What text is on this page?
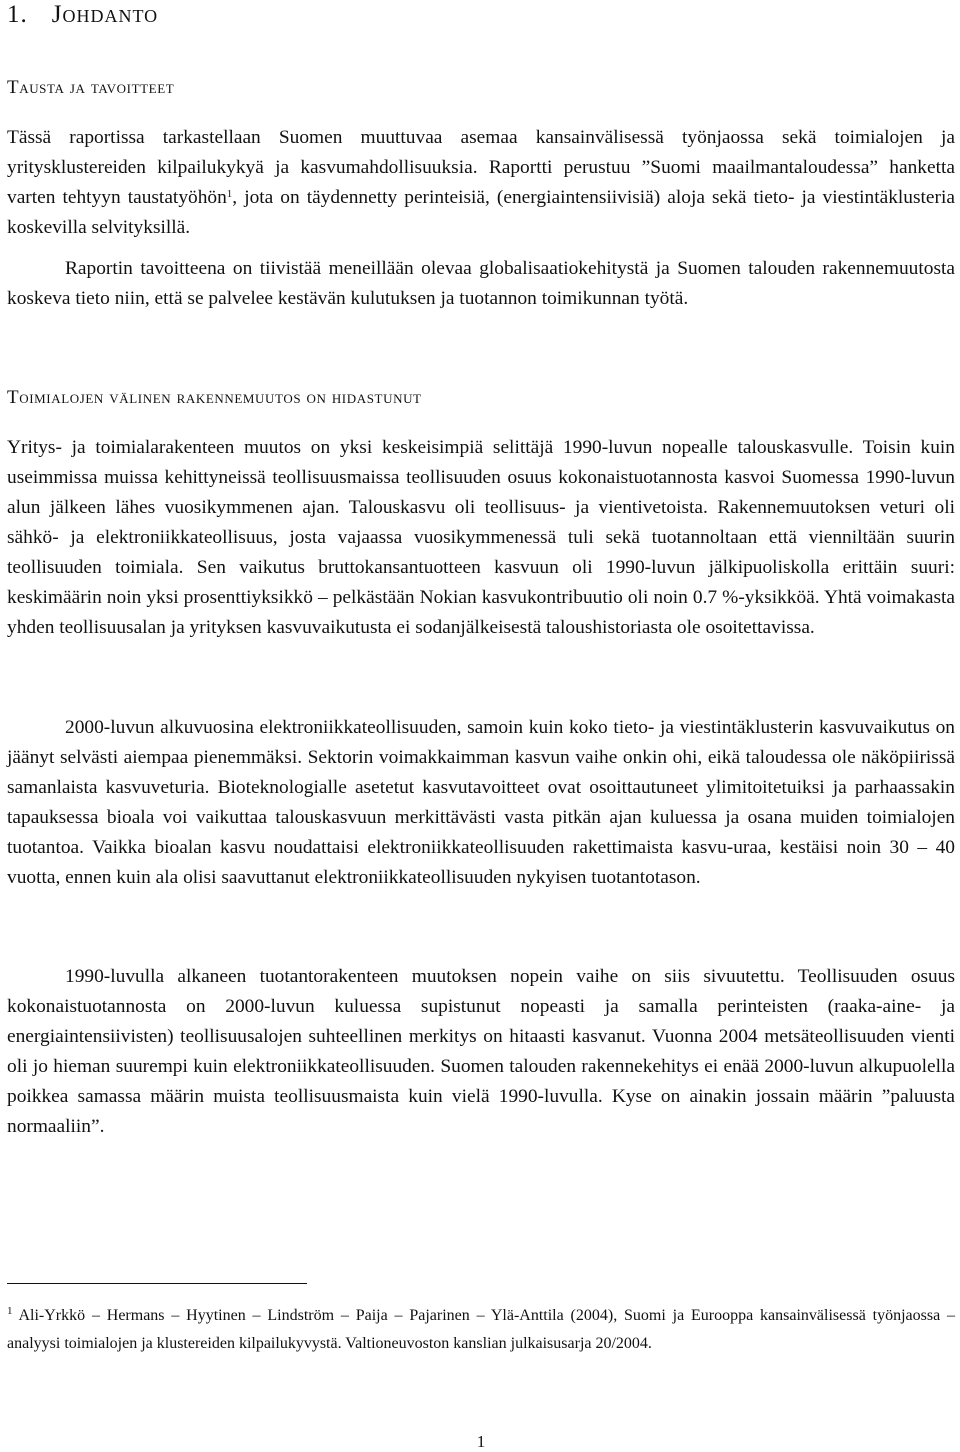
1. Johdanto
Tausta ja tavoitteet

Tässä raportissa tarkastellaan Suomen muuttuvaa asemaa kansainvälisessä työnjaossa sekä toimialojen ja yritysklustereiden kilpailukykyä ja kasvumahdollisuuksia. Raportti perustuu ”Suomi maailmantaloudessa” hanketta varten tehtyyn taustatyöhön$^1$, jota on täydennetty perinteisiä, (energiaintensiivisiä) aloja sekä tieto- ja viestintäklusteria koskevilla selvityksillä.

Raportin tavoitteena on tiivistää meneillään olevaa globalisaatiokehitystä ja Suomen talouden rakennemuutosta koskeva tieto niin, että se palvelee kestävän kulutuksen ja tuotannon toimikunnan työtä.

Toimialojen välinen rakennemuutos on hidastunut

Yritys- ja toimialarakenteen muutos on yksi keskeisimpiä selittäjä 1990-luvun nopealle talouskasvulle. Toisin kuin useimmissa muissa kehittyneissä teollisuusmaissa teollisuuden osuus kokonaistuotannosta kasvoi Suomessa 1990-luvun alun jälkeen lähes vuosikymmenen ajan. Talouskasvu oli teollisuus- ja vientivetoista. Rakennemuutoksen veturi oli sähkö- ja elektroniikkateollisuus, josta vajaassa vuosikymmenessä tuli sekä tuotannoltaan että vienniltään suurin teollisuuden toimiala. Sen vaikutus bruttokansantuotteen kasvuun oli 1990-luvun jälkipuoliskolla erittäin suuri: keskimäärin noin yksi prosenttiyksikkö – pelkästään Nokian kasvukontribuutio oli noin 0.7 %-yksikköä. Yhtä voimakasta yhden teollisuusalan ja yrityksen kasvuvaikutusta ei sodanjälkeisestä taloushistoriasta ole osoitettavissa.

2000-luvun alkuvuosina elektroniikkateollisuuden, samoin kuin koko tieto- ja viestintäklusterin kasvuvaikutus on jäänyt selvästi aiempaa pienemmäksi. Sektorin voimakkaimman kasvun vaihe onkin ohi, eikä taloudessa ole näköpiirissä samanlaista kasvuveturia. Bioteknologialle asetetut kasvutavoitteet ovat osoittautuneet ylimitoitetuiksi ja parhaassakin tapauksessa bioala voi vaikuttaa talouskasvuun merkittävästi vasta pitkän ajan kuluessa ja osana muiden toimialojen tuotantoa. Vaikka bioalan kasvu noudattaisi elektroniikkateollisuuden rakettimaista kasvu-uraa, kestäisi noin 30 – 40 vuotta, ennen kuin ala olisi saavuttanut elektroniikkateollisuuden nykyisen tuotantotason.

1990-luvulla alkaneen tuotantorakenteen muutoksen nopein vaihe on siis sivuutettu. Teollisuuden osuus kokonaistuotannosta on 2000-luvun kuluessa supistunut nopeasti ja samalla perinteisten (raaka-aine- ja energiaintensiivisten) teollisuusalojen suhteellinen merkitys on hitaasti kasvanut. Vuonna 2004 metsäteollisuuden vienti oli jo hieman suurempi kuin elektroniikkateollisuuden. Suomen talouden rakennekehitys ei enää 2000-luvun alkupuolella poikkea samassa määrin muista teollisuusmaista kuin vielä 1990-luvulla. Kyse on ainakin jossain määrin ”paluusta normaaliin”.

$^1$ Ali-Yrkkö – Hermans – Hyytinen – Lindström – Paija – Pajarinen – Ylä-Anttila (2004), Suomi ja Eurooppa kansainvälisessä työnjaossa – analyysi toimialojen ja klustereiden kilpailukyvystä. Valtioneuvoston kanslian julkaisusarja 20/2004.

1
